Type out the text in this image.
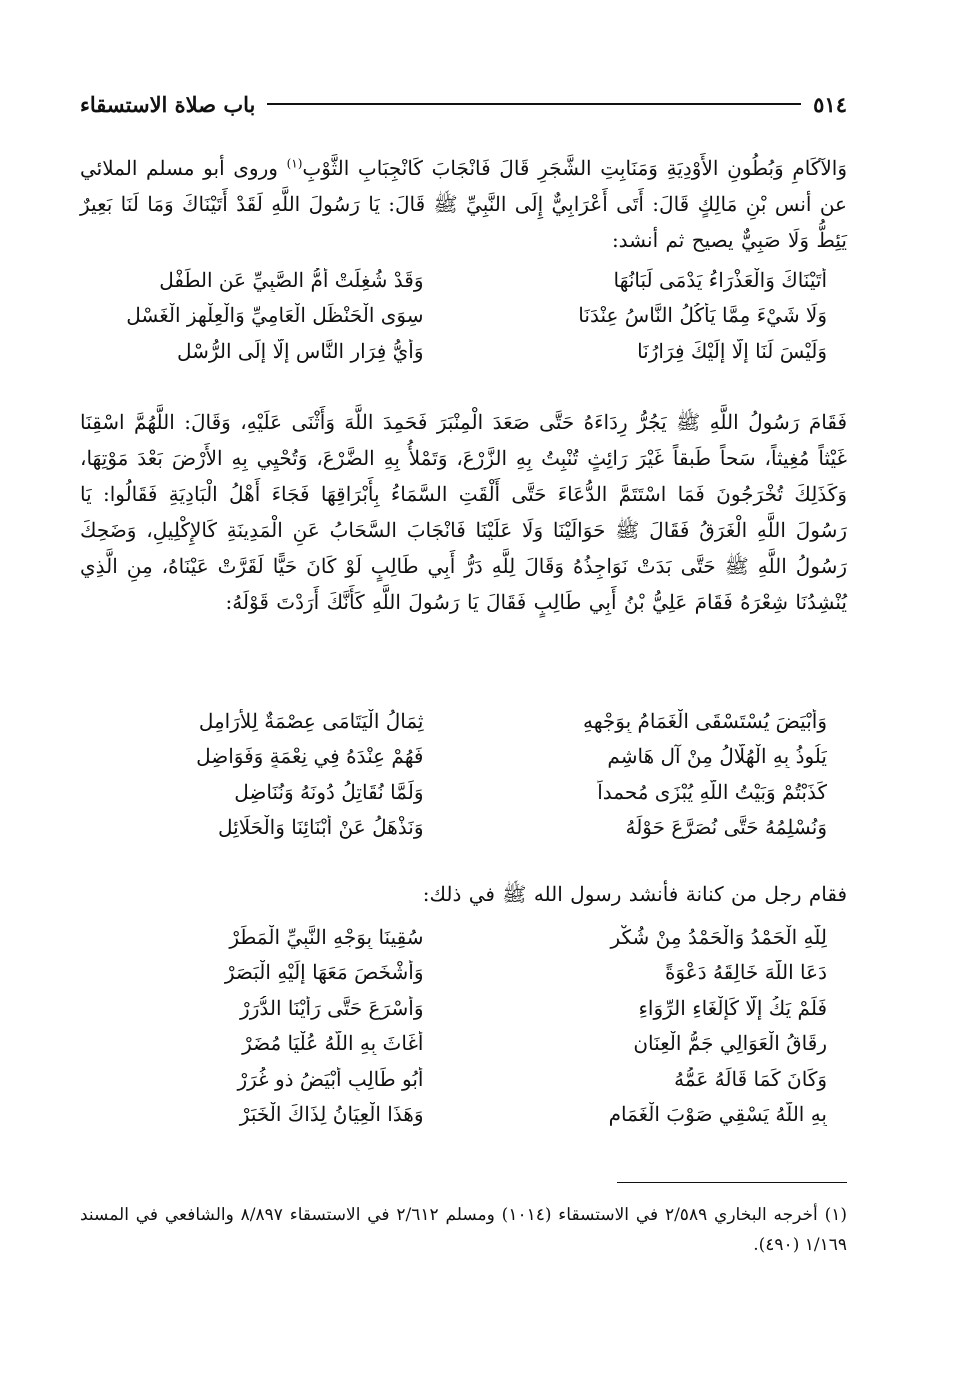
باب صلاة الاستسقاء	٥١٤

وَالآكَامِ وَبُطُونِ الأَوْدِيَةِ وَمَنَابِتِ الشَّجَرِ قَالَ فَانْجَابَ كَانْجِبَابِ الثَّوْبِ$^{(١)}$ وروى أبو مسلم الملائي عن أنس بْنِ مَالِكٍ قَالَ: أَتَى أَعْرَابِيٌّ إِلَى النَّبِيِّ ﷺ قَالَ: يَا رَسُولَ اللَّهِ لَقَدْ أَتَيْنَاكَ وَمَا لَنَا بَعِيرٌ يَئِطُّ وَلَا صَبِيٌّ يصيح ثم أنشد:

أَتَيْنَاكَ وَالْعَذْرَاءُ يَدْمَى لَبَانُهَا
وَقَدْ شُغِلَتْ أُمُّ الصَّبِيِّ عَنِ الطِّفْلِ
وَلَا شَيْءَ مِمَّا يَأْكُلُ النَّاسُ عِنْدَنَا
سِوَى الْحَنْظَلِ الْعَامِيِّ وَالْعِلْهِزِ الْغَسْلِ
وَلَيْسَ لَنَا إِلَّا إِلَيْكَ فِرَارُنَا
وَأَيُّ فِرَارِ النَّاسِ إِلَّا إِلَى الرُّسْلِ

فَقَامَ رَسُولُ اللَّهِ ﷺ يَجُرُّ رِدَاءَهُ حَتَّى صَعَدَ الْمِنْبَرَ فَحَمِدَ اللَّهَ وَأَثْنَى عَلَيْهِ، وَقَالَ: اللَّهُمَّ اسْقِنَا غَيْثاً مُغِيثاً، سَحاً طَبقاً غَيْرَ رَائِثٍ تُنْبِتُ بِهِ الزَّرْعَ، وَتَمْلأُ بِهِ الضَّرْعَ، وَتُحْيِي بِهِ الأَرْضَ بَعْدَ مَوْتِهَا، وَكَذَلِكَ تُخْرَجُونَ فَمَا اسْتَتَمَّ الدُّعَاءَ حَتَّى أَلْقَتِ السَّمَاءُ بِأَبْرَاقِهَا فَجَاءَ أَهْلُ الْبَادِيَةِ فَقَالُوا: يَا رَسُولَ اللَّهِ الْغَرَقُ فَقَالَ ﷺ حَوَالَيْنَا وَلَا عَلَيْنَا فَانْجَابَ السَّحَابُ عَنِ الْمَدِينَةِ كَالإِكْلِيلِ، وَضَحِكَ رَسُولُ اللَّهِ ﷺ حَتَّى بَدَتْ نَوَاجِذُهُ وَقَالَ لِلَّهِ دَرُّ أَبِي طَالِبٍ لَوْ كَانَ حَيًّا لَقَرَّتْ عَيْنَاهُ، مِنِ الَّذِي يُنْشِدُنَا شِعْرَهُ فَقَامَ عَلِيُّ بْنُ أَبِي طَالِبٍ فَقَالَ يَا رَسُولَ اللَّهِ كَأَنَّكَ أَرَدْتَ قَوْلَهُ:

وَأَبْيَضَ يُسْتَسْقَى الْغَمَامُ بِوَجْهِهِ
ثِمَالُ الْيَتَامَى عِصْمَةٌ لِلأَرَامِلِ
يَلُوذُ بِهِ الْهُلَّالُ مِنْ آلِ هَاشِمٍ
فَهُمْ عِنْدَهُ فِي نِعْمَةٍ وَفَوَاضِلِ
كَذَبْتُمْ وَبَيْتُ اللَّهِ يُبْزَى مُحمداً
وَلَمَّا نُقَاتِلُ دُونَهُ وَنُنَاضِلِ
وَنُسْلِمُهُ حَتَّى نُصَرَّعَ حَوْلَهُ
وَنَذْهَلُ عَنْ أَبْنَائِنَا وَالْحَلَائِلِ

فقام رجل من كنانة فأنشد رسول الله ﷺ في ذلك:

لِلَّهِ الْحَمْدُ وَالْحَمْدُ مِنْ شُكْرٍ
سُقِينَا بِوَجْهِ النَّبِيِّ الْمَطَرْ
دَعَا اللَّهَ خَالِقَهُ دَعْوَةً
وَأَشْخَصَ مَعَهَا إِلَيْهِ الْبَصَرْ
فَلَمْ يَكُ إِلَّا كَإِلْغَاءِ الرِّوَاءِ
وَأَسْرَعَ حَتَّى رَأَيْنَا الدُّرَرْ
رِقَاقُ الْعَوَالِي جَمُّ الْعِنَانِ
أَغَاثَ بِهِ اللَّهُ عُلْيَا مُضَرْ
وَكَانَ كَمَا قَالَهُ عَمُّهُ
أَبُو طَالِبٍ أَبْيَضُ ذو غُرَرْ
بِهِ اللَّهُ يَسْقِي صَوْبَ الْغَمَامِ
وَهَذَا الْعِيَانُ لِذَاكَ الْخَبَرْ

(١) أخرجه البخاري ٢/٥٨٩ في الاستسقاء (١٠١٤) ومسلم ٢/٦١٢ في الاستسقاء ٨/٨٩٧ والشافعي في المسند ١/١٦٩ (٤٩٠).
